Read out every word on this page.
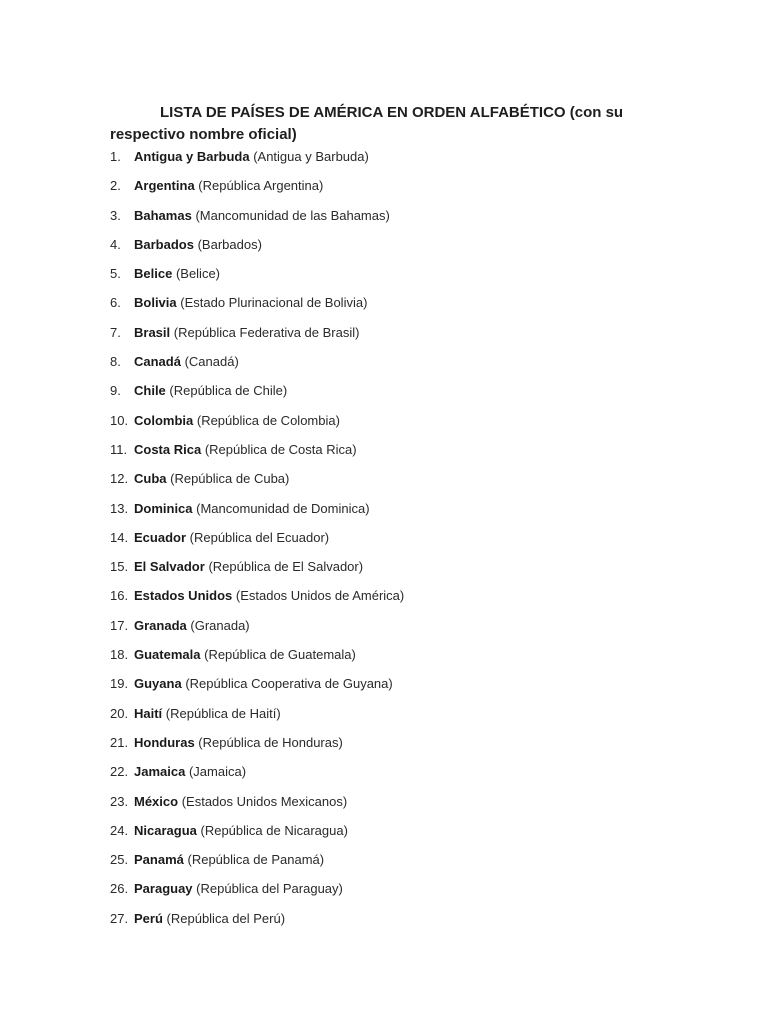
LISTA DE PAÍSES DE AMÉRICA EN ORDEN ALFABÉTICO (con su respectivo nombre oficial)

1. Antigua y Barbuda (Antigua y Barbuda)
2. Argentina (República Argentina)
3. Bahamas (Mancomunidad de las Bahamas)
4. Barbados (Barbados)
5. Belice (Belice)
6. Bolivia (Estado Plurinacional de Bolivia)
7. Brasil (República Federativa de Brasil)
8. Canadá (Canadá)
9. Chile (República de Chile)
10. Colombia (República de Colombia)
11. Costa Rica (República de Costa Rica)
12. Cuba (República de Cuba)
13. Dominica (Mancomunidad de Dominica)
14. Ecuador (República del Ecuador)
15. El Salvador (República de El Salvador)
16. Estados Unidos (Estados Unidos de América)
17. Granada (Granada)
18. Guatemala (República de Guatemala)
19. Guyana (República Cooperativa de Guyana)
20. Haití (República de Haití)
21. Honduras (República de Honduras)
22. Jamaica (Jamaica)
23. México (Estados Unidos Mexicanos)
24. Nicaragua (República de Nicaragua)
25. Panamá (República de Panamá)
26. Paraguay (República del Paraguay)
27. Perú (República del Perú)
